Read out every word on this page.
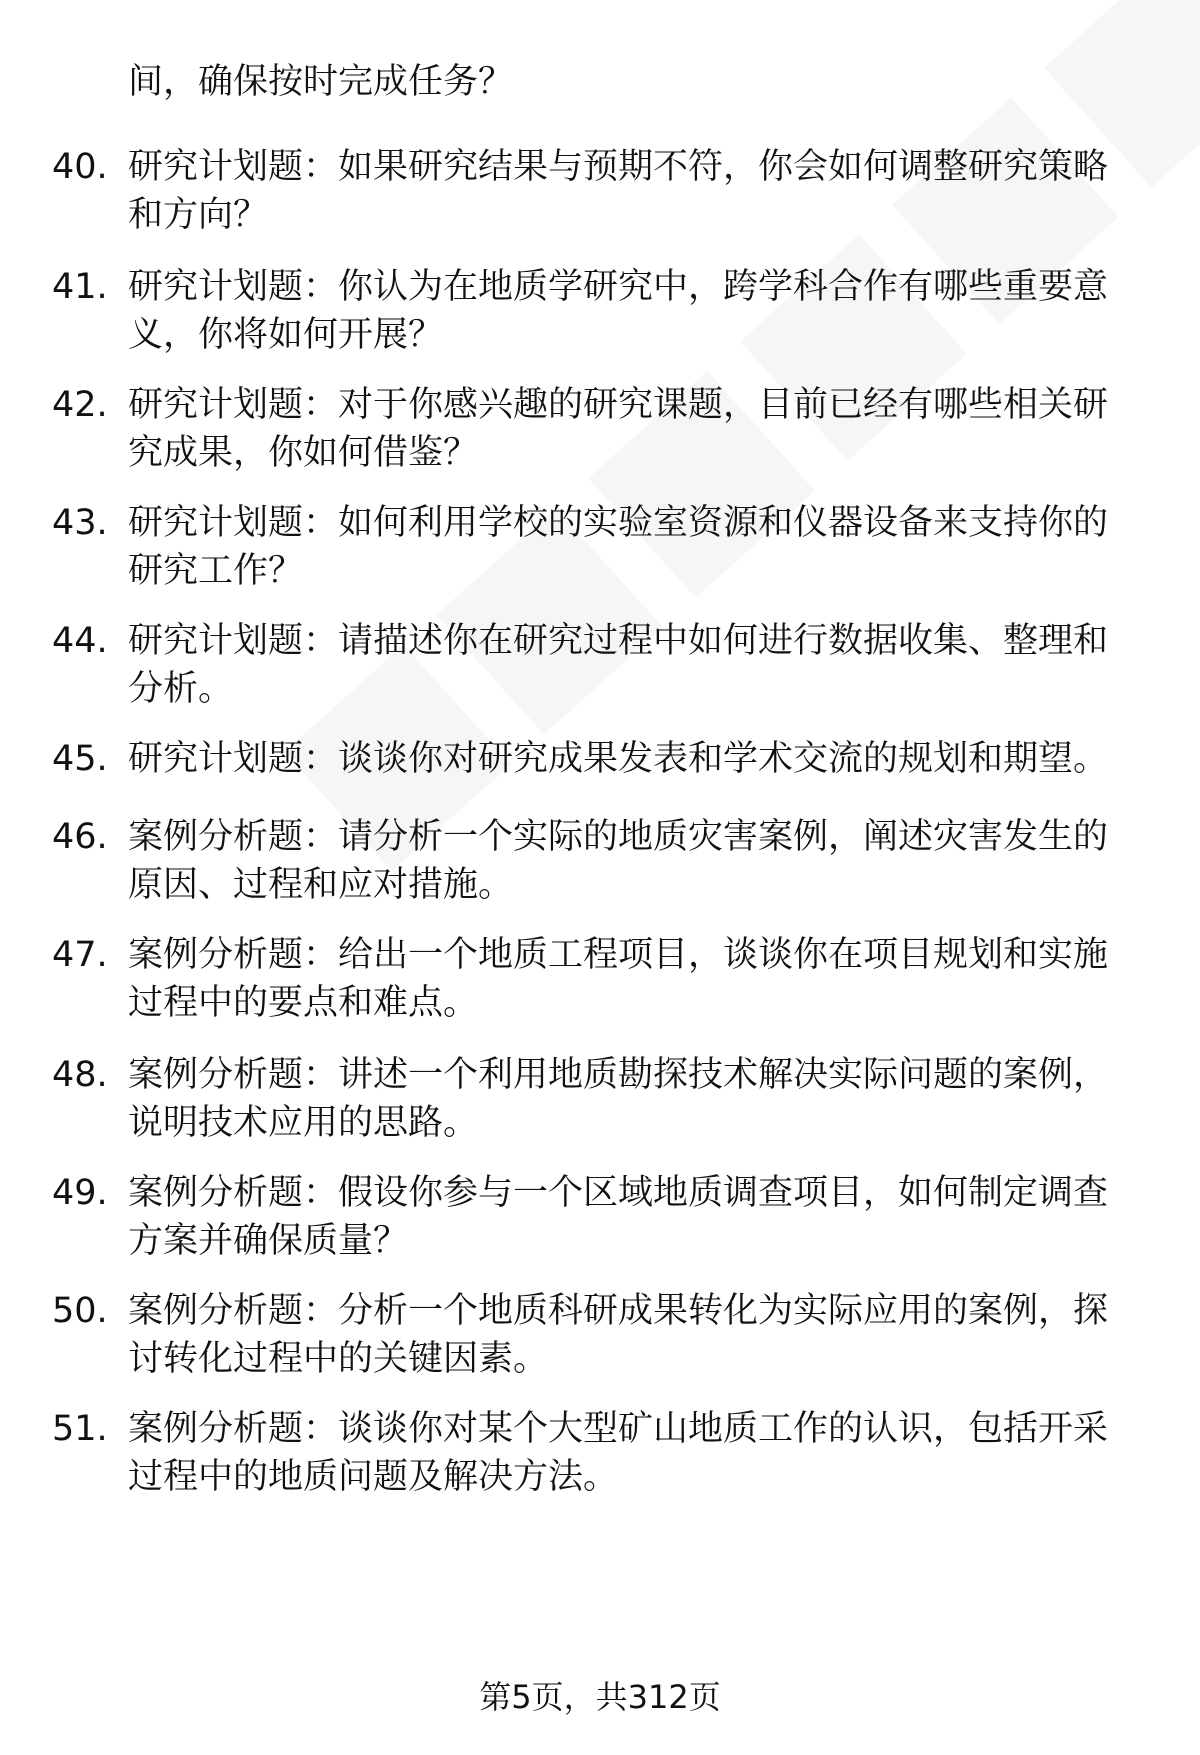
间，确保按时完成任务？
40. 研究计划题：如果研究结果与预期不符，你会如何调整研究策略和方向？
41. 研究计划题：你认为在地质学研究中，跨学科合作有哪些重要意义，你将如何开展？
42. 研究计划题：对于你感兴趣的研究课题，目前已经有哪些相关研究成果，你如何借鉴？
43. 研究计划题：如何利用学校的实验室资源和仪器设备来支持你的研究工作？
44. 研究计划题：请描述你在研究过程中如何进行数据收集、整理和分析。
45. 研究计划题：谈谈你对研究成果发表和学术交流的规划和期望。
46. 案例分析题：请分析一个实际的地质灾害案例，阐述灾害发生的原因、过程和应对措施。
47. 案例分析题：给出一个地质工程项目，谈谈你在项目规划和实施过程中的要点和难点。
48. 案例分析题：讲述一个利用地质勘探技术解决实际问题的案例，说明技术应用的思路。
49. 案例分析题：假设你参与一个区域地质调查项目，如何制定调查方案并确保质量？
50. 案例分析题：分析一个地质科研成果转化为实际应用的案例，探讨转化过程中的关键因素。
51. 案例分析题：谈谈你对某个大型矿山地质工作的认识，包括开采过程中的地质问题及解决方法。
第5页，共312页
